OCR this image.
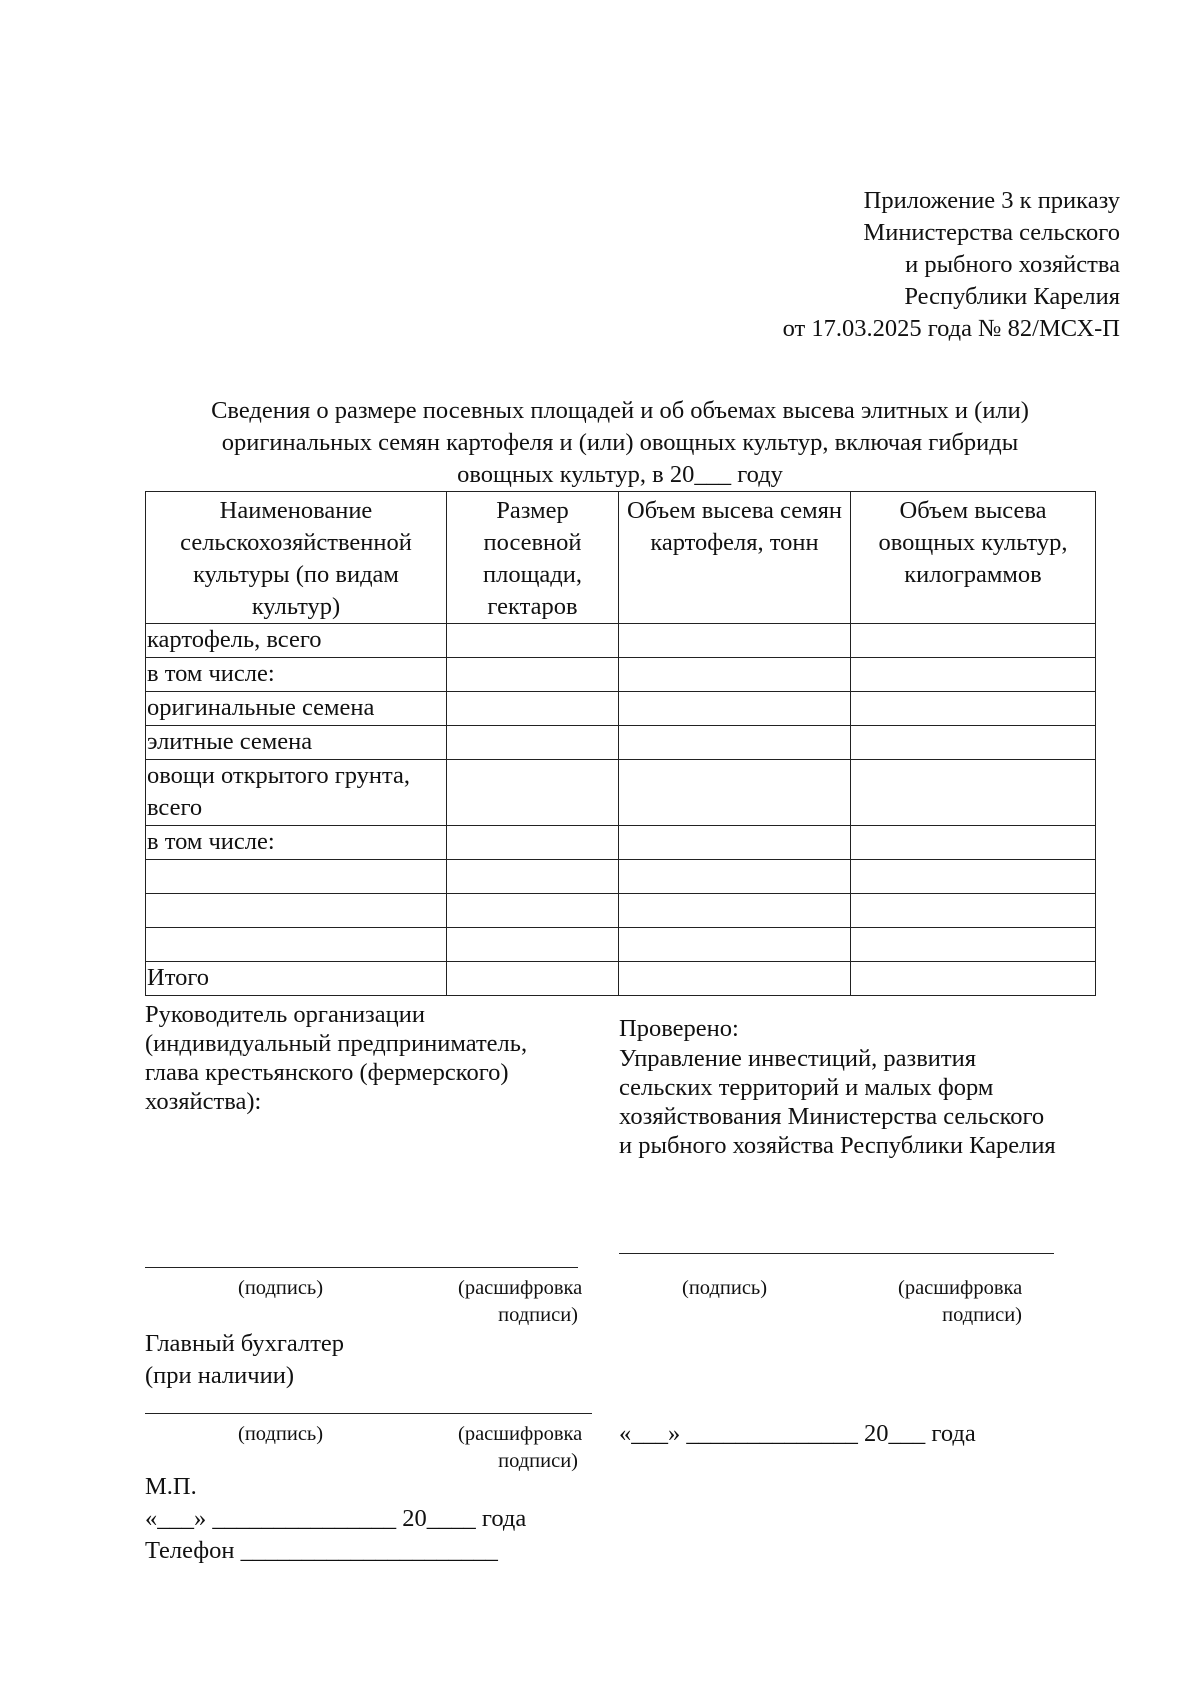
Приложение 3 к приказу
Министерства сельского
и рыбного хозяйства
Республики Карелия
от 17.03.2025 года № 82/МСХ-П
Сведения о размере посевных площадей и об объемах высева элитных и (или)
оригинальных семян картофеля и (или) овощных культур, включая гибриды
овощных культур, в 20___ году
Наименование сельскохозяйственной культуры (по видам культур)	Размер посевной площади, гектаров	Объем высева семян картофеля, тонн	Объем высева овощных культур, килограммов
картофель, всего			
в том числе:			
оригинальные семена			
элитные семена			
овощи открытого грунта, всего			
в том числе:			

Итого			
Руководитель организации
(индивидуальный предприниматель,
глава крестьянского (фермерского)
хозяйства):
Проверено:
Управление инвестиций, развития
сельских территорий и малых форм
хозяйствования Министерства сельского
и рыбного хозяйства Республики Карелия
(подпись)	(расшифровка
подписи)
(подпись)	(расшифровка
подписи)
Главный бухгалтер
(при наличии)
(подпись)	(расшифровка
подписи)
«___» ______________ 20___ года
М.П.
«___» _______________ 20____ года
Телефон _____________________
